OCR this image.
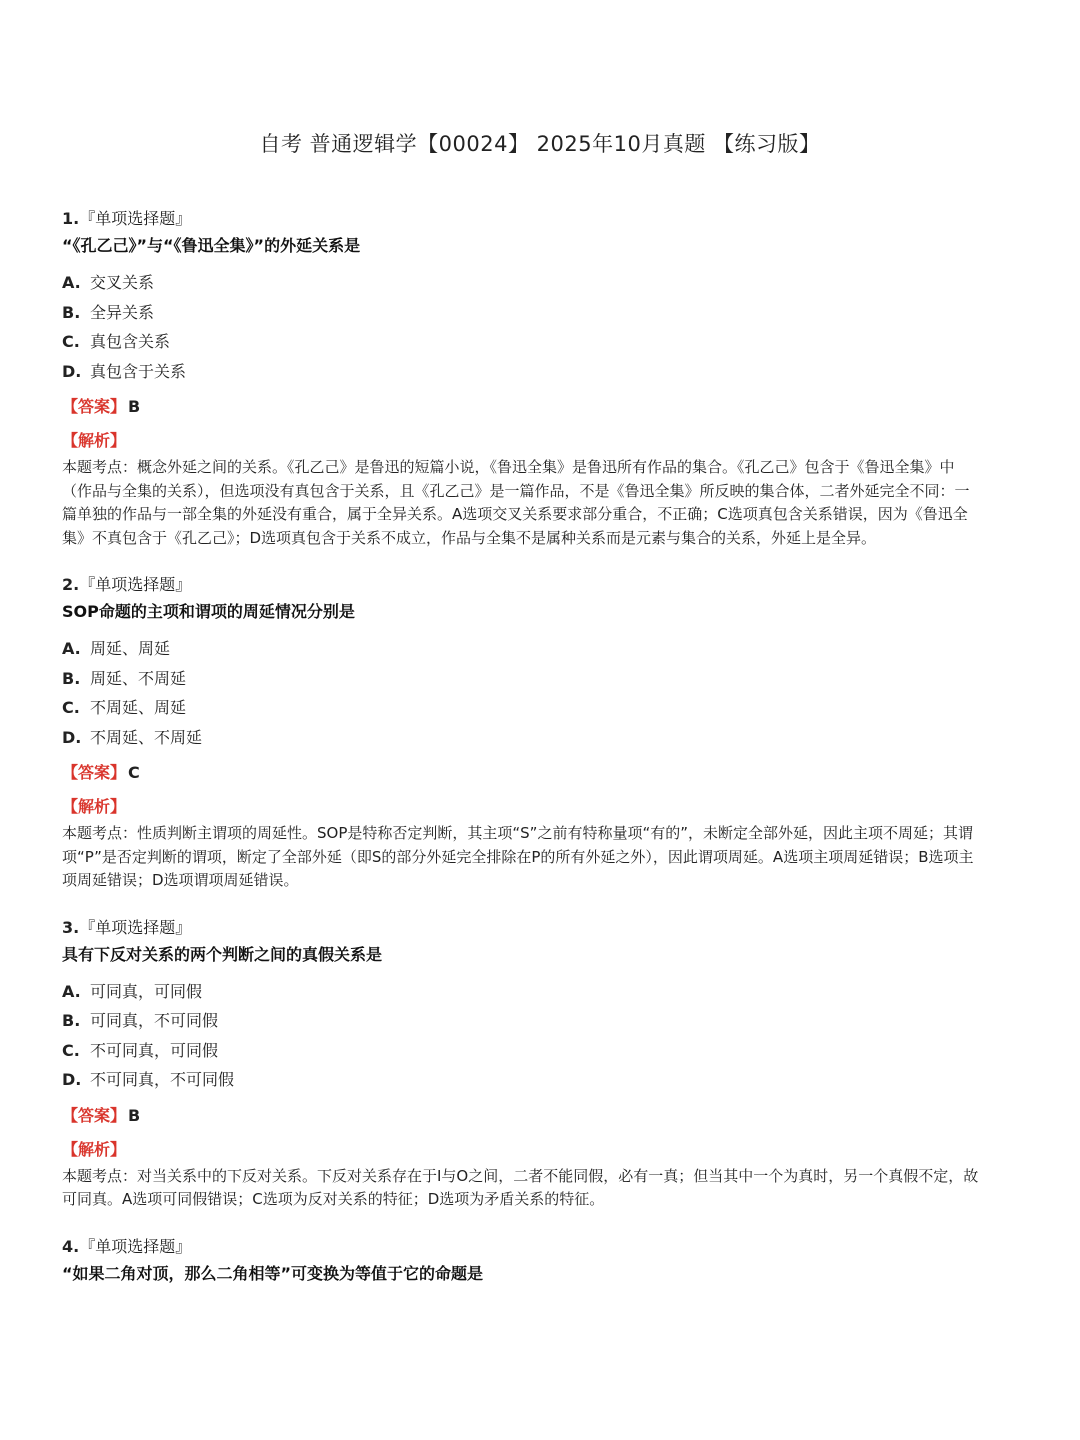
自考 普通逻辑学【00024】 2025年10月真题 【练习版】

1.『单项选择题』

“《孔乙己》”与“《鲁迅全集》”的外延关系是

A. 交叉关系
B. 全异关系
C. 真包含关系
D. 真包含于关系

【答案】 B

【解析】

本题考点：概念外延之间的关系。《孔乙己》是鲁迅的短篇小说，《鲁迅全集》是鲁迅所有作品的集合。《孔乙己》包含于《鲁迅全集》中（作品与全集的关系），但选项没有真包含于关系，且《孔乙己》是一篇作品，不是《鲁迅全集》所反映的集合体，二者外延完全不同：一篇单独的作品与一部全集的外延没有重合，属于全异关系。A选项交叉关系要求部分重合，不正确；C选项真包含关系错误，因为《鲁迅全集》不真包含于《孔乙己》；D选项真包含于关系不成立，作品与全集不是属种关系而是元素与集合的关系，外延上是全异。

2.『单项选择题』

SOP命题的主项和谓项的周延情况分别是

A. 周延、周延
B. 周延、不周延
C. 不周延、周延
D. 不周延、不周延

【答案】 C

【解析】

本题考点：性质判断主谓项的周延性。SOP是特称否定判断，其主项“S”之前有特称量项“有的”，未断定全部外延，因此主项不周延；其谓项“P”是否定判断的谓项，断定了全部外延（即S的部分外延完全排除在P的所有外延之外），因此谓项周延。A选项主项周延错误；B选项主项周延错误；D选项谓项周延错误。

3.『单项选择题』

具有下反对关系的两个判断之间的真假关系是

A. 可同真，可同假
B. 可同真，不可同假
C. 不可同真，可同假
D. 不可同真，不可同假

【答案】 B

【解析】

本题考点：对当关系中的下反对关系。下反对关系存在于I与O之间，二者不能同假，必有一真；但当其中一个为真时，另一个真假不定，故可同真。A选项可同假错误；C选项为反对关系的特征；D选项为矛盾关系的特征。

4.『单项选择题』

“如果二角对顶，那么二角相等”可变换为等值于它的命题是
